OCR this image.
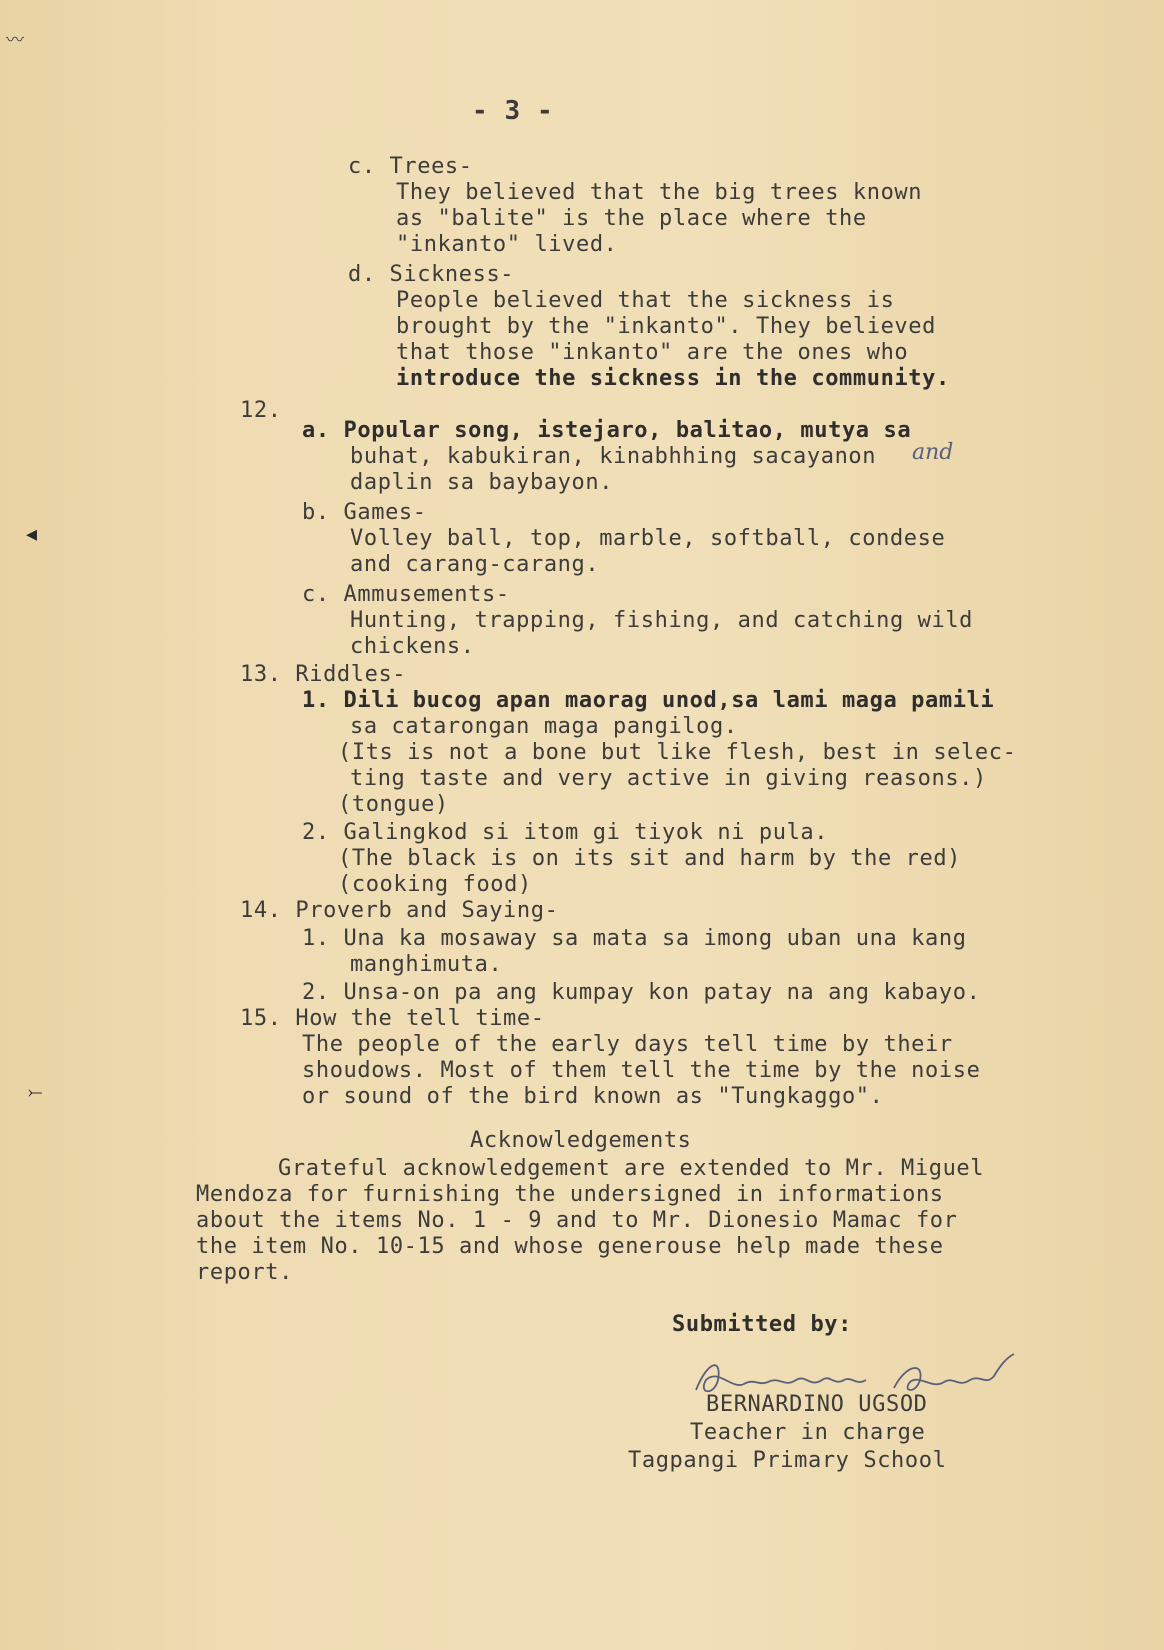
〰
◂
⤚
- 3 -
c. Trees-
They believed that the big trees known
as "balite" is the place where the
"inkanto" lived.
d. Sickness-
People believed that the sickness is
brought by the "inkanto". They believed
that those "inkanto" are the ones who
introduce the sickness in the community.
12.
a. Popular song, istejaro, balitao, mutya sa
buhat, kabukiran, kinabhhing sacayanon and
daplin sa baybayon.
b. Games-
Volley ball, top, marble, softball, condese
and carang-carang.
c. Ammusements-
Hunting, trapping, fishing, and catching wild
chickens.
13. Riddles-
1. Dili bucog apan maorag unod,sa lami maga pamili
sa catarongan maga pangilog.
(Its is not a bone but like flesh, best in selec-
ting taste and very active in giving reasons.)
(tongue)
2. Galingkod si itom gi tiyok ni pula.
(The black is on its sit and harm by the red)
(cooking food)
14. Proverb and Saying-
1. Una ka mosaway sa mata sa imong uban una kang
manghimuta.
2. Unsa-on pa ang kumpay kon patay na ang kabayo.
15. How the tell time-
The people of the early days tell time by their
shoudows. Most of them tell the time by the noise
or sound of the bird known as "Tungkaggo".
Acknowledgements
Grateful acknowledgement are extended to Mr. Miguel
Mendoza for furnishing the undersigned in informations
about the items No. 1 - 9 and to Mr. Dionesio Mamac for
the item No. 10-15 and whose generouse help made these
report.
Submitted by:
BERNARDINO UGSOD
Teacher in charge
Tagpangi Primary School
